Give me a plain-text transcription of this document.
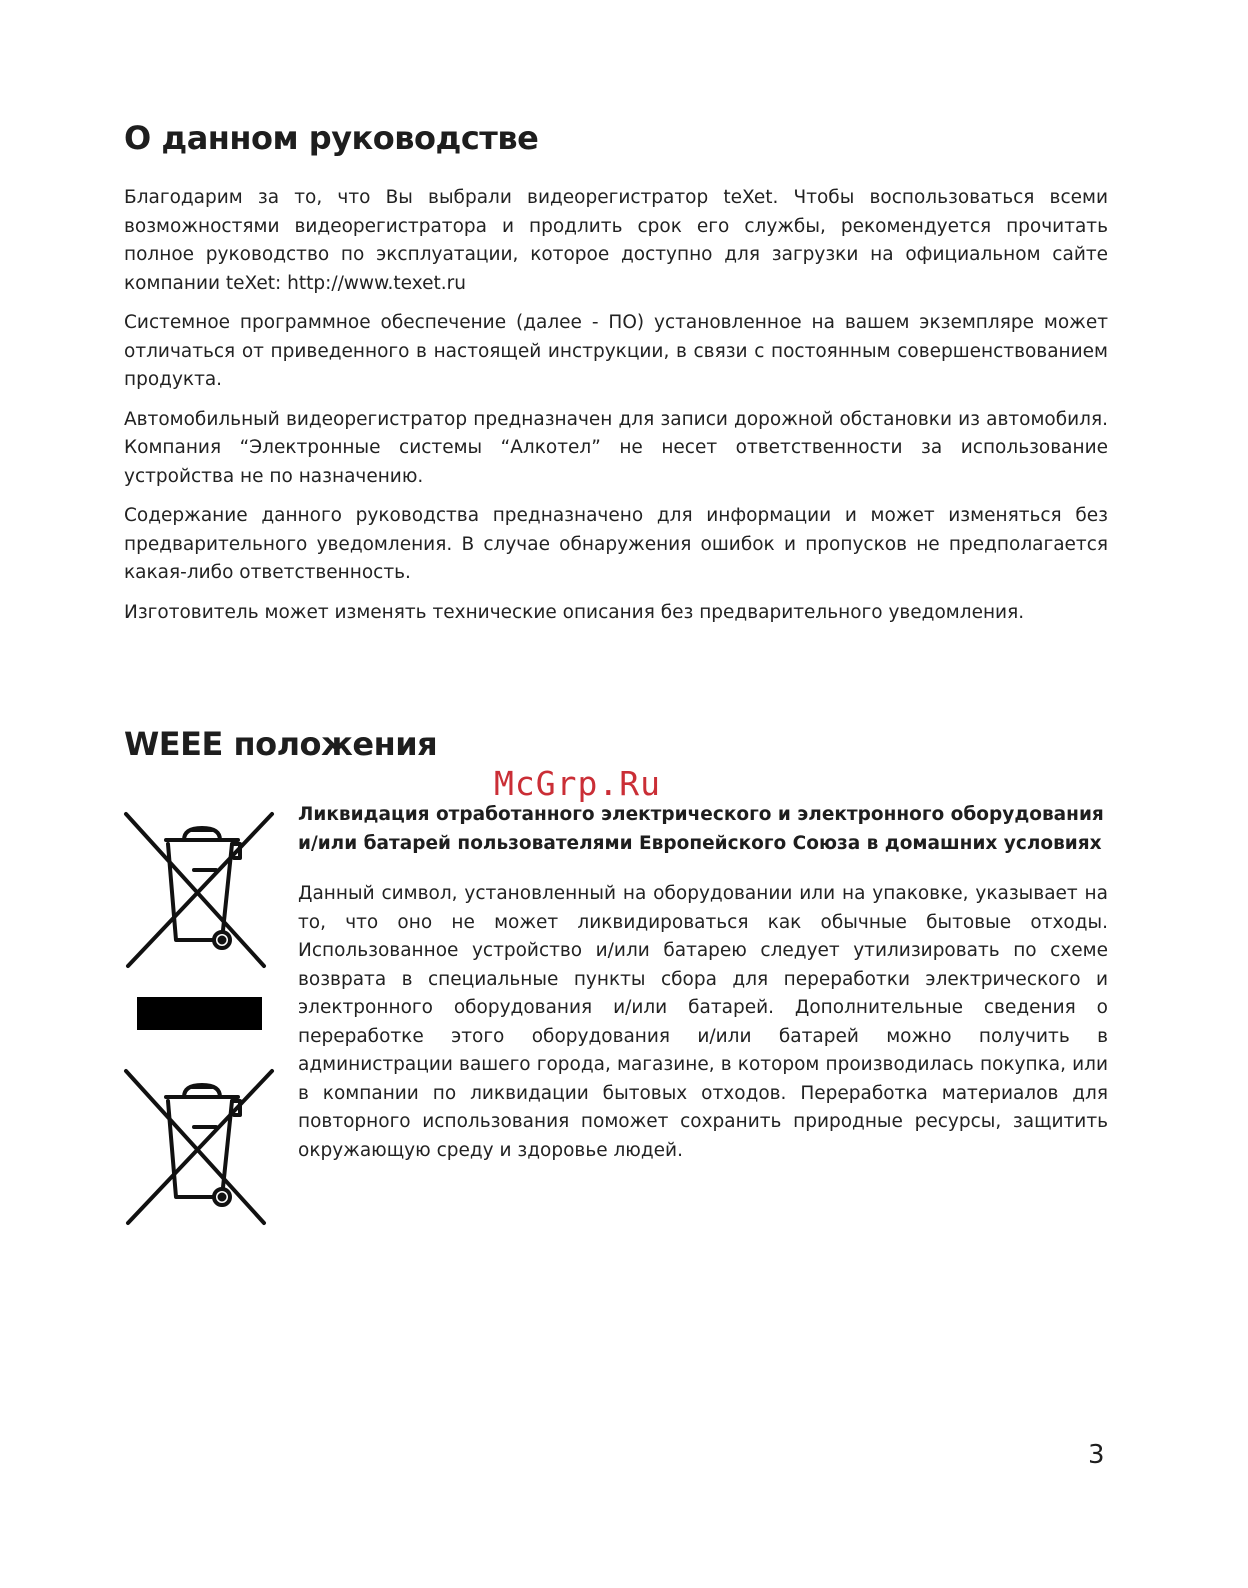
О данном руководстве

Благодарим за то, что Вы выбрали видеорегистратор teXet. Чтобы воспользоваться всеми возможностями видеорегистратора и продлить срок его службы, рекомендуется прочитать полное руководство по эксплуатации, которое доступно для загрузки на официальном сайте компании teXet: http://www.texet.ru

Системное программное обеспечение (далее - ПО) установленное на вашем экземпляре может отличаться от приведенного в настоящей инструкции, в связи с постоянным совершенствованием продукта.

Автомобильный видеорегистратор предназначен для записи дорожной обстановки из автомобиля. Компания “Электронные системы “Алкотел” не несет ответственности за использование устройства не по назначению.

Содержание данного руководства предназначено для информации и может изменяться без предварительного уведомления. В случае обнаружения ошибок и пропусков не предполагается какая-либо ответственность.

Изготовитель может изменять технические описания без предварительного уведомления.

WEEE положения
McGrp.Ru

Ликвидация отработанного электрического и электронного оборудования и/или батарей пользователями Европейского Союза в домашних условиях

Данный символ, установленный на оборудовании или на упаковке, указывает на то, что оно не может ликвидироваться как обычные бытовые отходы. Использованное устройство и/или батарею следует утилизировать по схеме возврата в специальные пункты сбора для переработки электрического и электронного оборудования и/или батарей. Дополнительные сведения о переработке этого оборудования и/или батарей можно получить в администрации вашего города, магазине, в котором производилась покупка, или в компании по ликвидации бытовых отходов. Переработка материалов для повторного использования поможет сохранить природные ресурсы, защитить окружающую среду и здоровье людей.

3
